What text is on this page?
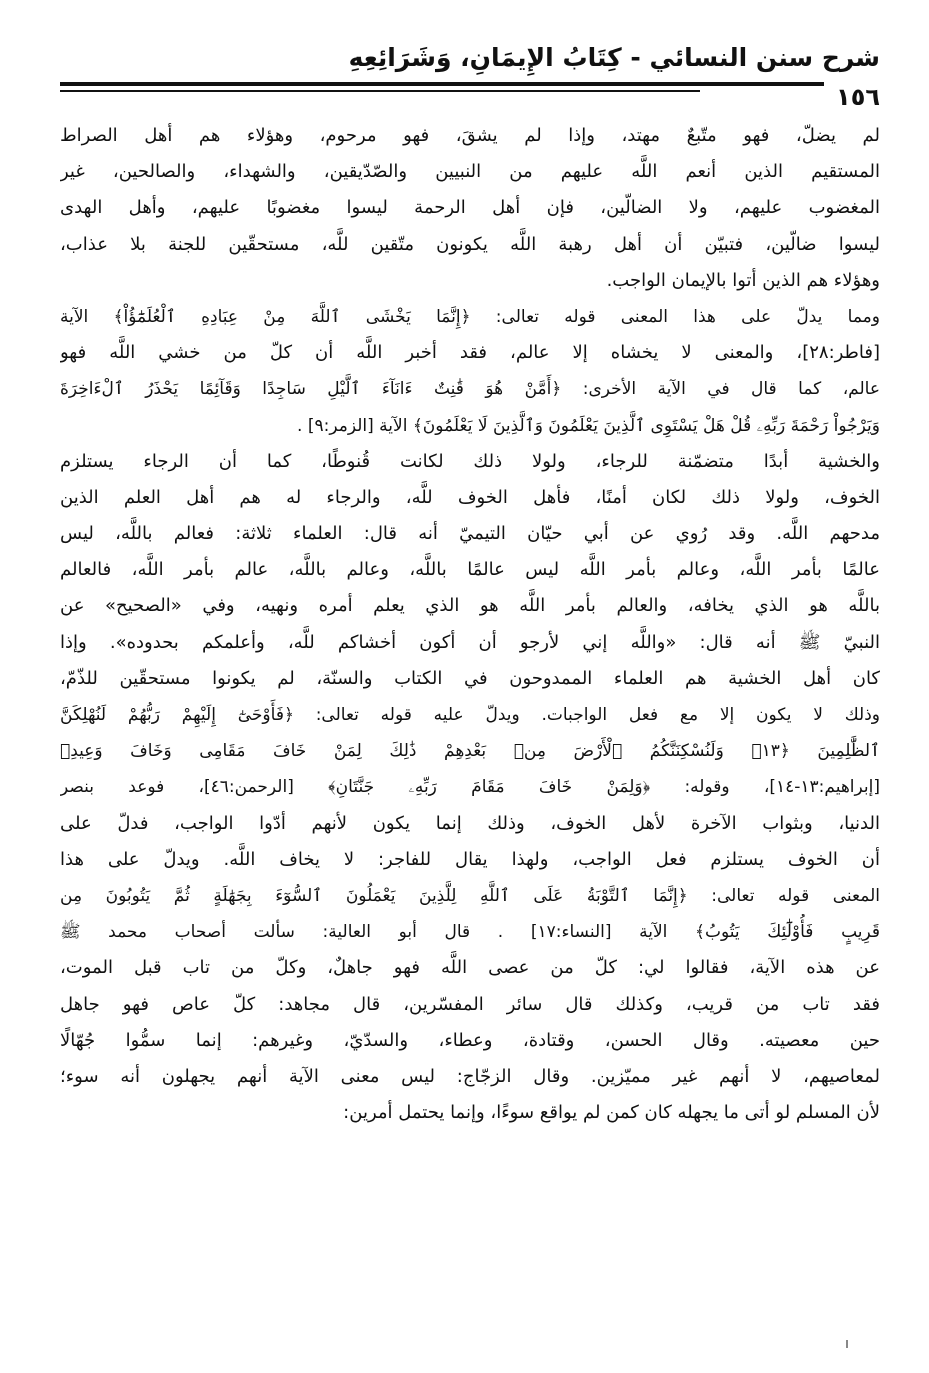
شرح سنن النسائي - كِتَابُ الإِيمَانِ، وَشَرَائِعِهِ
١٥٦
لم يضلّ، فهو متّبعٌ مهتد، وإذا لم يشقَ، فهو مرحوم، وهؤلاء هم أهل الصراط
المستقيم الذين أنعم اللَّه عليهم من النبيين والصّدّيقين، والشهداء، والصالحين، غير
المغضوب عليهم، ولا الضالّين، فإن أهل الرحمة ليسوا مغضوبًا عليهم، وأهل الهدى
ليسوا ضالّين، فتبيّن أن أهل رهبة اللَّه يكونون متّقين للَّه، مستحقّين للجنة بلا عذاب،
وهؤلاء هم الذين أتوا بالإيمان الواجب.
ومما يدلّ على هذا المعنى قوله تعالى: ﴿إِنَّمَا يَخْشَى ٱللَّهَ مِنْ عِبَادِهِ ٱلْعُلَمَٰٓؤُاْ﴾ الآية
[فاطر:٢٨]، والمعنى لا يخشاه إلا عالم، فقد أخبر اللَّه أن كلّ من خشي اللَّه فهو
عالم، كما قال في الآية الأخرى: ﴿أَمَّنْ هُوَ قَٰنِتٌ ءَانَآءَ ٱلَّيْلِ سَاجِدًا وَقَآئِمًا يَحْذَرُ ٱلْءَاخِرَةَ
وَيَرْجُواْ رَحْمَةَ رَبِّهِۦ قُلْ هَلْ يَسْتَوِى ٱلَّذِينَ يَعْلَمُونَ وَٱلَّذِينَ لَا يَعْلَمُونَ﴾ الآية [الزمر:٩] .
والخشية أبدًا متضمّنة للرجاء، ولولا ذلك لكانت قُنوطًا، كما أن الرجاء يستلزم
الخوف، ولولا ذلك لكان أمنًا، فأهل الخوف للَّه، والرجاء له هم أهل العلم الذين
مدحهم اللَّه. وقد رُوي عن أبي حيّان التيميّ أنه قال: العلماء ثلاثة: فعالم باللَّه، ليس
عالمًا بأمر اللَّه، وعالم بأمر اللَّه ليس عالمًا باللَّه، وعالم باللَّه، عالم بأمر اللَّه، فالعالم
باللَّه هو الذي يخافه، والعالم بأمر اللَّه هو الذي يعلم أمره ونهيه، وفي «الصحيح» عن
النبيّ ﷺ أنه قال: «واللَّه إني لأرجو أن أكون أخشاكم للَّه، وأعلمكم بحدوده». وإذا
كان أهل الخشية هم العلماء الممدوحون في الكتاب والسنّة، لم يكونوا مستحقّين للذّمّ،
وذلك لا يكون إلا مع فعل الواجبات. ويدلّ عليه قوله تعالى: ﴿فَأَوْحَىٰٓ إِلَيْهِمْ رَبُّهُمْ لَنُهْلِكَنَّ
ٱلظَّٰلِمِينَ ﴿١٣﴾ وَلَنُسْكِنَنَّكُمُ ٱلْأَرْضَ مِنۢ بَعْدِهِمْ ذَٰلِكَ لِمَنْ خَافَ مَقَامِى وَخَافَ وَعِيدِ﴾
[إبراهيم:١٣-١٤]، وقوله: ﴿وَلِمَنْ خَافَ مَقَامَ رَبِّهِۦ جَنَّتَانِ﴾ [الرحمن:٤٦]، فوعد بنصر
الدنيا، وبثواب الآخرة لأهل الخوف، وذلك إنما يكون لأنهم أدّوا الواجب، فدلّ على
أن الخوف يستلزم فعل الواجب، ولهذا يقال للفاجر: لا يخاف اللَّه. ويدلّ على هذا
المعنى قوله تعالى: ﴿إِنَّمَا ٱلتَّوْبَةُ عَلَى ٱللَّهِ لِلَّذِينَ يَعْمَلُونَ ٱلسُّوٓءَ بِجَهَٰلَةٍ ثُمَّ يَتُوبُونَ مِن
قَرِيبٍ فَأُوْلَٰٓئِكَ يَتُوبُ﴾ الآية [النساء:١٧] . قال أبو العالية: سألت أصحاب محمد ﷺ
عن هذه الآية، فقالوا لي: كلّ من عصى اللَّه فهو جاهلٌ، وكلّ من تاب قبل الموت،
فقد تاب من قريب، وكذلك قال سائر المفسّرين، قال مجاهد: كلّ عاص فهو جاهل
حين معصيته. وقال الحسن، وقتادة، وعطاء، والسدّيّ، وغيرهم: إنما سمُّوا جُهّالًا
لمعاصيهم، لا أنهم غير مميّزين. وقال الزجّاج: ليس معنى الآية أنهم يجهلون أنه سوء؛
لأن المسلم لو أتى ما يجهله كان كمن لم يواقع سوءًا، وإنما يحتمل أمرين:
